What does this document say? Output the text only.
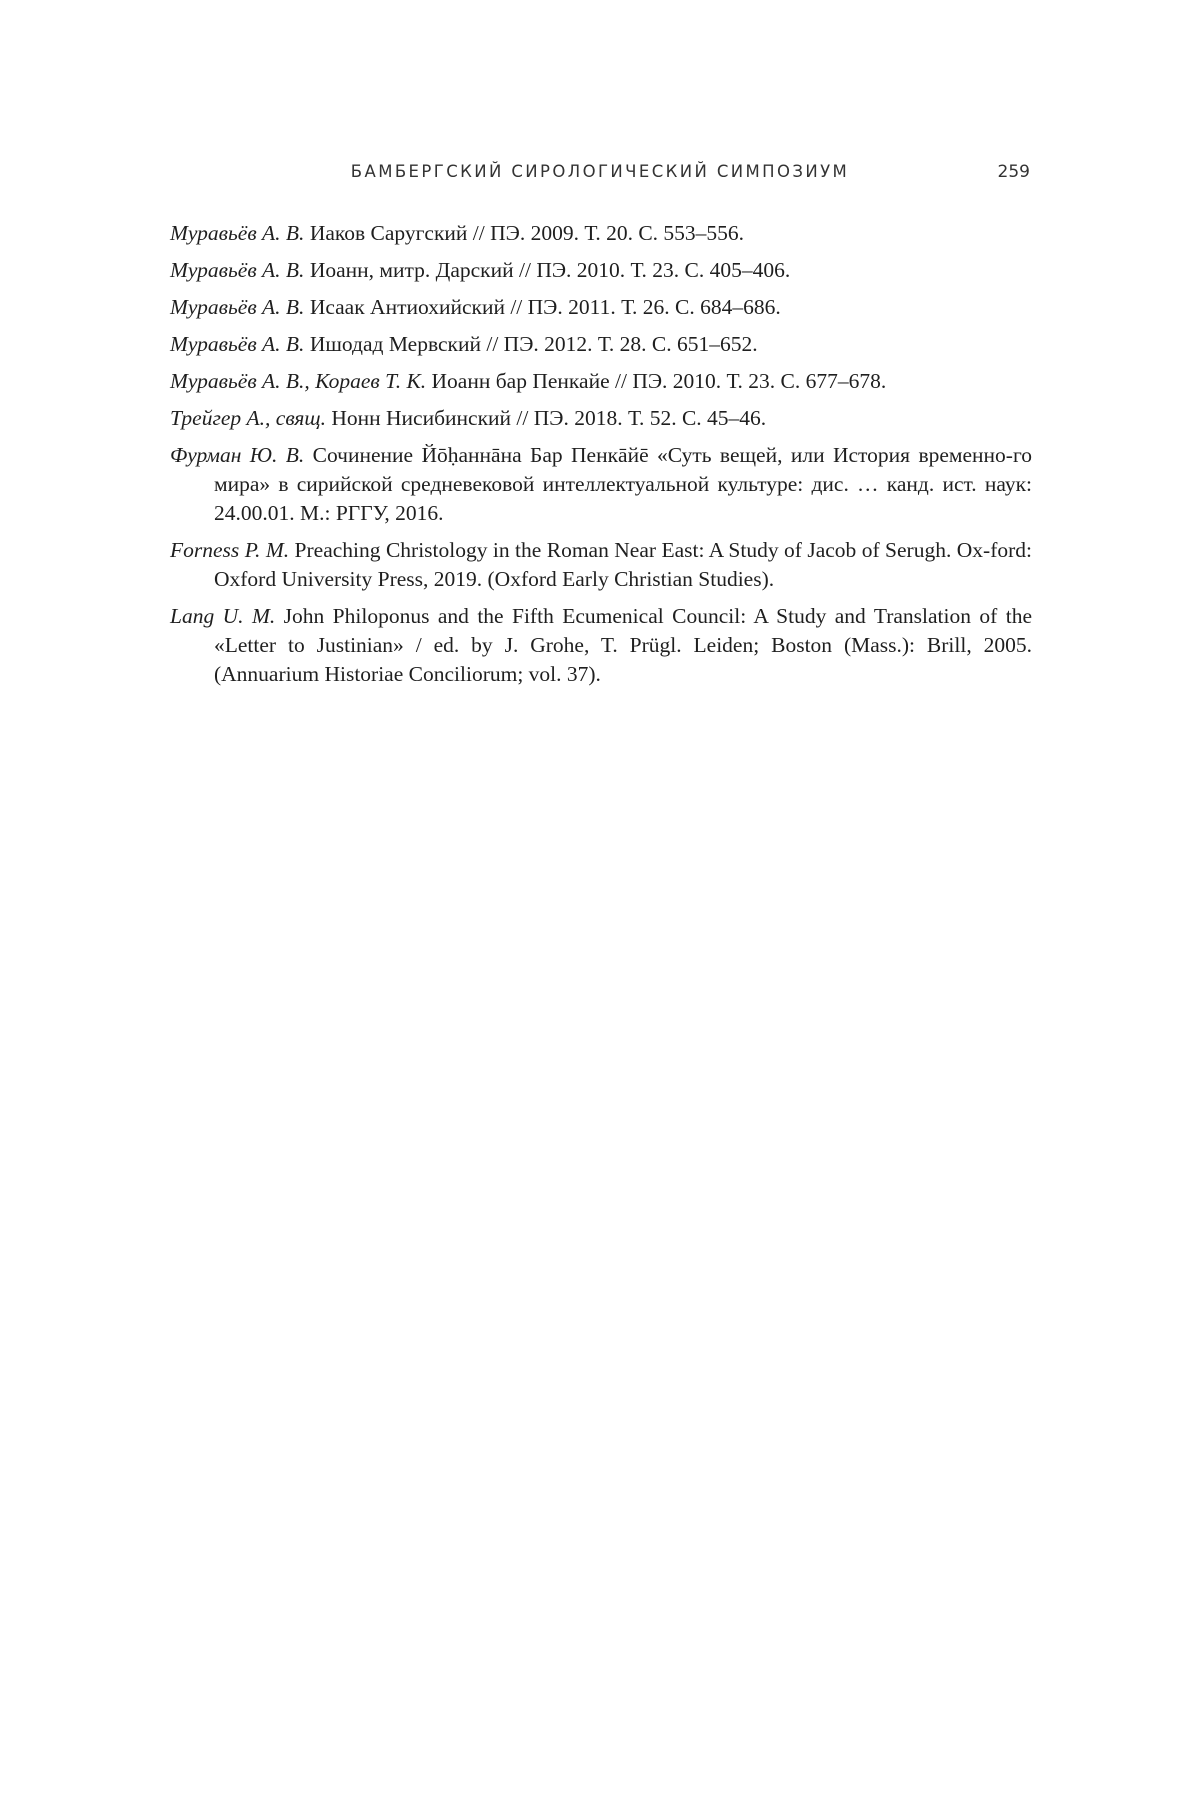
БАМБЕРГСКИЙ СИРОЛОГИЧЕСКИЙ СИМПОЗИУМ	259
Муравьёв А. В. Иаков Саругский // ПЭ. 2009. Т. 20. С. 553–556.
Муравьёв А. В. Иоанн, митр. Дарский // ПЭ. 2010. Т. 23. С. 405–406.
Муравьёв А. В. Исаак Антиохийский // ПЭ. 2011. Т. 26. С. 684–686.
Муравьёв А. В. Ишодад Мервский // ПЭ. 2012. Т. 28. С. 651–652.
Муравьёв А. В., Кораев Т. К. Иоанн бар Пенкайе // ПЭ. 2010. Т. 23. С. 677–678.
Трейгер А., свящ. Нонн Нисибинский // ПЭ. 2018. Т. 52. С. 45–46.
Фурман Ю. В. Сочинение Йōḥаннāна Бар Пенкāйē «Суть вещей, или История временно-го мира» в сирийской средневековой интеллектуальной культуре: дис. … канд. ист. наук: 24.00.01. М.: РГГУ, 2016.
Forness P. M. Preaching Christology in the Roman Near East: A Study of Jacob of Serugh. Ox-ford: Oxford University Press, 2019. (Oxford Early Christian Studies).
Lang U. M. John Philoponus and the Fifth Ecumenical Council: A Study and Translation of the «Letter to Justinian» / ed. by J. Grohe, T. Prügl. Leiden; Boston (Mass.): Brill, 2005. (Annuarium Historiae Conciliorum; vol. 37).
